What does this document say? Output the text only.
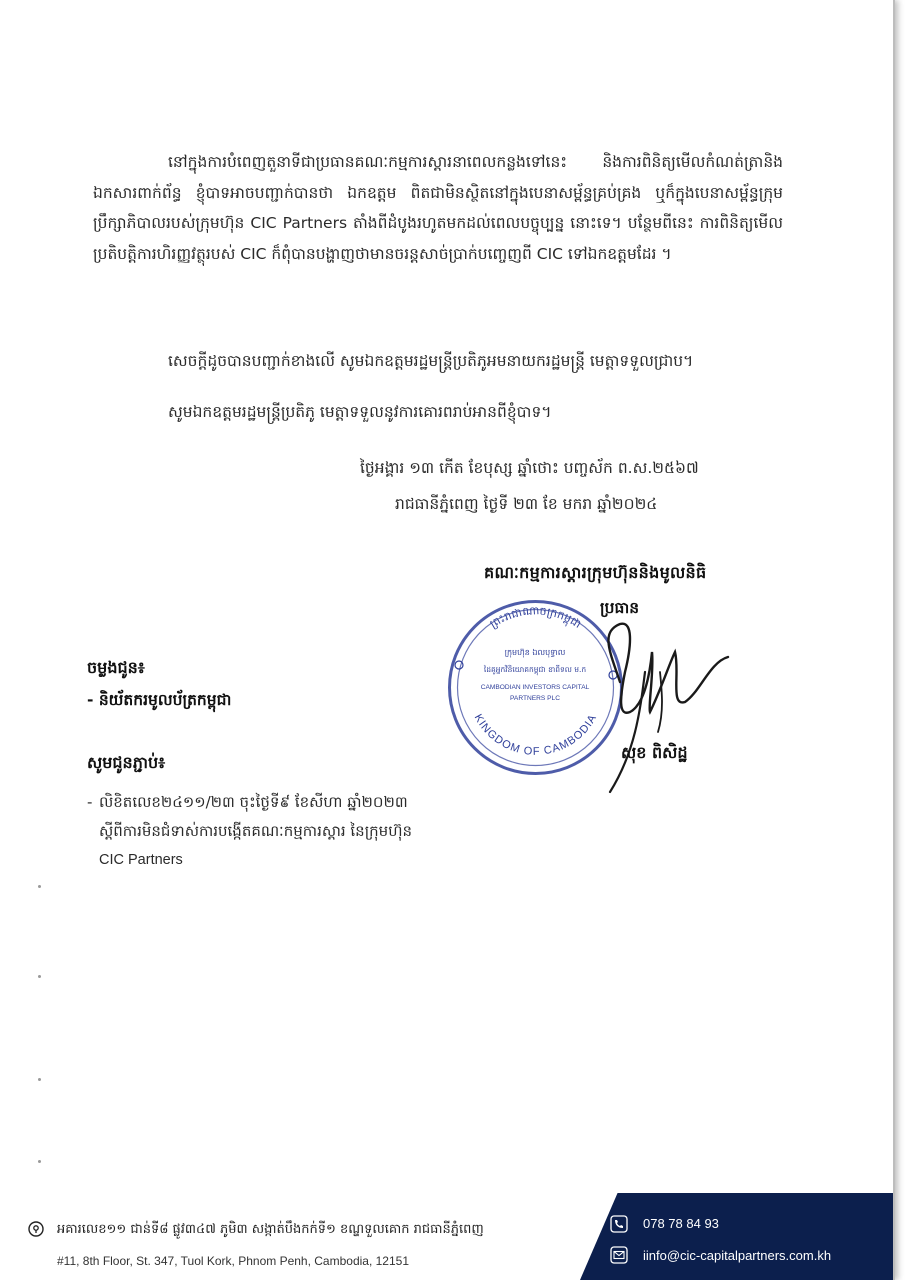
នៅក្នុងការបំពេញតួនាទីជាប្រធានគណៈកម្មការស្តារនាពេលកន្លងទៅនេះ និងការពិនិត្យមើលកំណត់ត្រានិងឯកសារពាក់ព័ន្ធ ខ្ញុំបាទអាចបញ្ជាក់បានថា ឯកឧត្តម ពិតជាមិនស្ថិតនៅក្នុងបេនាសម្ព័ន្ធគ្រប់គ្រង ឬក៏ក្នុងបេនាសម្ព័ន្ធក្រុមប្រឹក្សាភិបាលរបស់ក្រុមហ៊ុន CIC Partners តាំងពីដំបូងរហូតមកដល់ពេលបច្ចុប្បន្ន នោះទេ។ បន្ថែមពីនេះ ការពិនិត្យមើលប្រតិបត្តិការហិរញ្ញវត្ថុរបស់ CIC ក៏ពុំបានបង្ហាញថាមានចរន្តសាច់ប្រាក់បញ្ចេញពី CIC ទៅឯកឧត្តមដែរ ។
សេចក្តីដូចបានបញ្ជាក់ខាងលើ សូមឯកឧត្តមរដ្ឋមន្ត្រីប្រតិភូអមនាយករដ្ឋមន្ត្រី មេត្តាទទួលជ្រាប។
សូមឯកឧត្តមរដ្ឋមន្ត្រីប្រតិភូ មេត្តាទទួលនូវការគោរពរាប់អានពីខ្ញុំបាទ។
ថ្ងៃអង្គារ ១៣ កើត ខែបុស្ស ឆ្នាំថោះ បញ្ចស័ក ព.ស.២៥៦៧
រាជធានីភ្នំពេញ ថ្ងៃទី ២៣ ខែ មករា ឆ្នាំ២០២៤
គណៈកម្មការស្តារក្រុមហ៊ុននិងមូលនិធិ
ប្រធាន
ព្រះរាជាណាចក្រកម្ពុជា
KINGDOM OF CAMBODIA
ក្រុមហ៊ុន ឯលបុទ្ធាល
ដៃគូអ្នកវិនិយោគកម្ពុជា ខាពីទល ម.ក
CAMBODIAN INVESTORS CAPITAL
PARTNERS PLC
សុខ ពិសិដ្ឋ
ចម្លងជូន៖
- និយ័តករមូលប័ត្រកម្ពុជា
សូមជូនភ្ជាប់៖
- លិខិតលេខ២៤១១/២៣ ចុះថ្ងៃទី៩ ខែសីហា ឆ្នាំ២០២៣
ស្តីពីការមិនជំទាស់ការបង្កើតគណៈកម្មការស្តារ នៃក្រុមហ៊ុន
CIC Partners
អគារលេខ១១ ជាន់ទី៨ ផ្លូវ៣៤៧ ភូមិ៣ សង្កាត់បឹងកក់ទី១ ខណ្ឌទួលគោក រាជធានីភ្នំពេញ
#11, 8th Floor, St. 347, Tuol Kork, Phnom Penh, Cambodia, 12151
078 78 84 93
iinfo@cic-capitalpartners.com.kh
